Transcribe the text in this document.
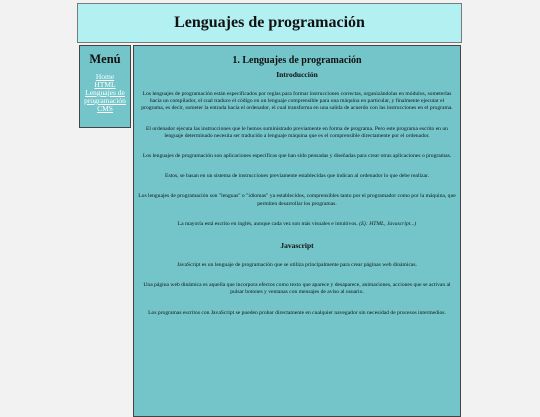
Lenguajes de programación
Menú
Home
HTML
Lenguajes de programación
CMS
1. Lenguajes de programación
Introducción

Los lenguajes de programación están especificados por reglas para formar instrucciones correctas, organizándolas en módulos, someterlas hacia un compilador, el cual traduce el código en un lenguaje comprensible para una máquina en particular, y finalmente ejecutar el programa, es decir, someter la entrada hacia el ordenador, el cual transforma en una salida de acuerdo con las instrucciones en el programa.

El ordenador ejecuta las instrucciones que le hemos suministrado previamente en forma de programa. Pero este programa escrito en un lenguaje determinado necesita ser traducido a lenguaje máquina que es el comprensible directamente por el ordenador.

Los lenguajes de programación son aplicaciones específicas que han sido pensadas y diseñadas para crear otras aplicaciones o programas.

Estos, se basan en un sistema de instrucciones previamente establecidas que indican al ordenador lo que debe realizar.

Los lenguajes de programación son "lenguas" o "idiomas" ya establecidos, comprensibles tanto por el programador como por la máquina, que permiten desarrollar los programas.

La mayoría está escrito en inglés, aunque cada vez son más visuales e intuitivos. (Ej: HTML, Javascript...)

Javascript

JavaScript es un lenguaje de programación que se utiliza principalmente para crear páginas web dinámicas.

Una página web dinámica es aquella que incorpora efectos como texto que aparece y desaparece, animaciones, acciones que se activan al pulsar botones y ventanas con mensajes de aviso al usuario.

Los programas escritos con JavaScript se pueden probar directamente en cualquier navegador sin necesidad de procesos intermedios.
